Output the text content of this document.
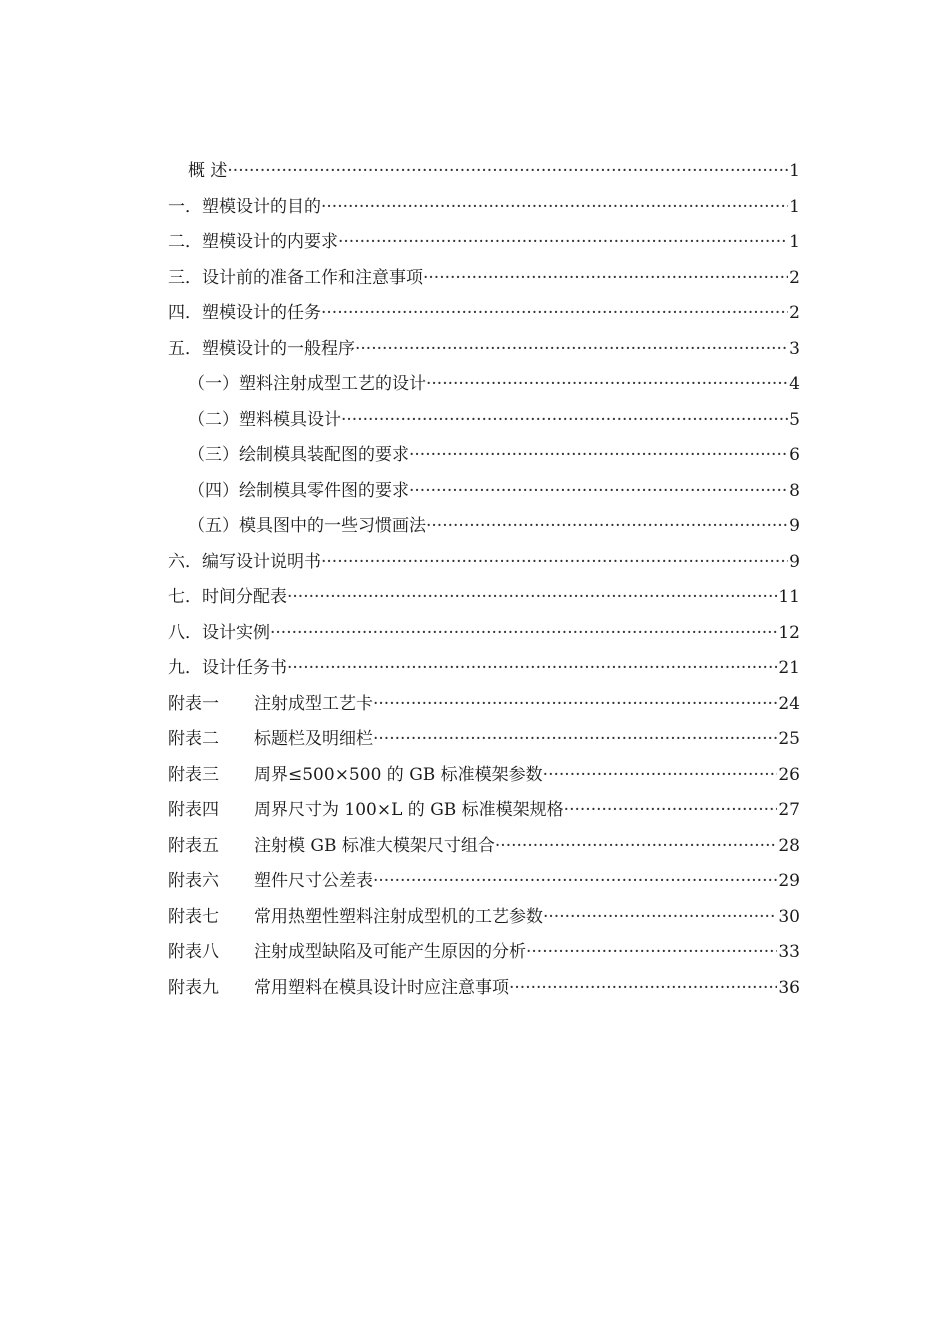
概 述 ·····	1
一．塑模设计的目的 ·····	1
二．塑模设计的内要求 ·····	1
三．设计前的准备工作和注意事项 ·····	2
四．塑模设计的任务 ·····	2
五．塑模设计的一般程序 ·····	3
（一）塑料注射成型工艺的设计 ·····	4
（二）塑料模具设计 ·····	5
（三）绘制模具装配图的要求 ·····	6
（四）绘制模具零件图的要求 ·····	8
（五）模具图中的一些习惯画法 ·····	9
六．编写设计说明书 ·····	9
七．时间分配表 ·····	11
八．设计实例 ·····	12
九．设计任务书 ·····	21
附表一 注射成型工艺卡 ·····	24
附表二 标题栏及明细栏 ·····	25
附表三 周界≤500×500 的 GB 标准模架参数 ·····	26
附表四 周界尺寸为 100×L 的 GB 标准模架规格 ·····	27
附表五 注射模 GB 标准大模架尺寸组合 ·····	28
附表六 塑件尺寸公差表 ·····	29
附表七 常用热塑性塑料注射成型机的工艺参数 ·····	30
附表八 注射成型缺陷及可能产生原因的分析 ·····	33
附表九 常用塑料在模具设计时应注意事项 ·····	36
